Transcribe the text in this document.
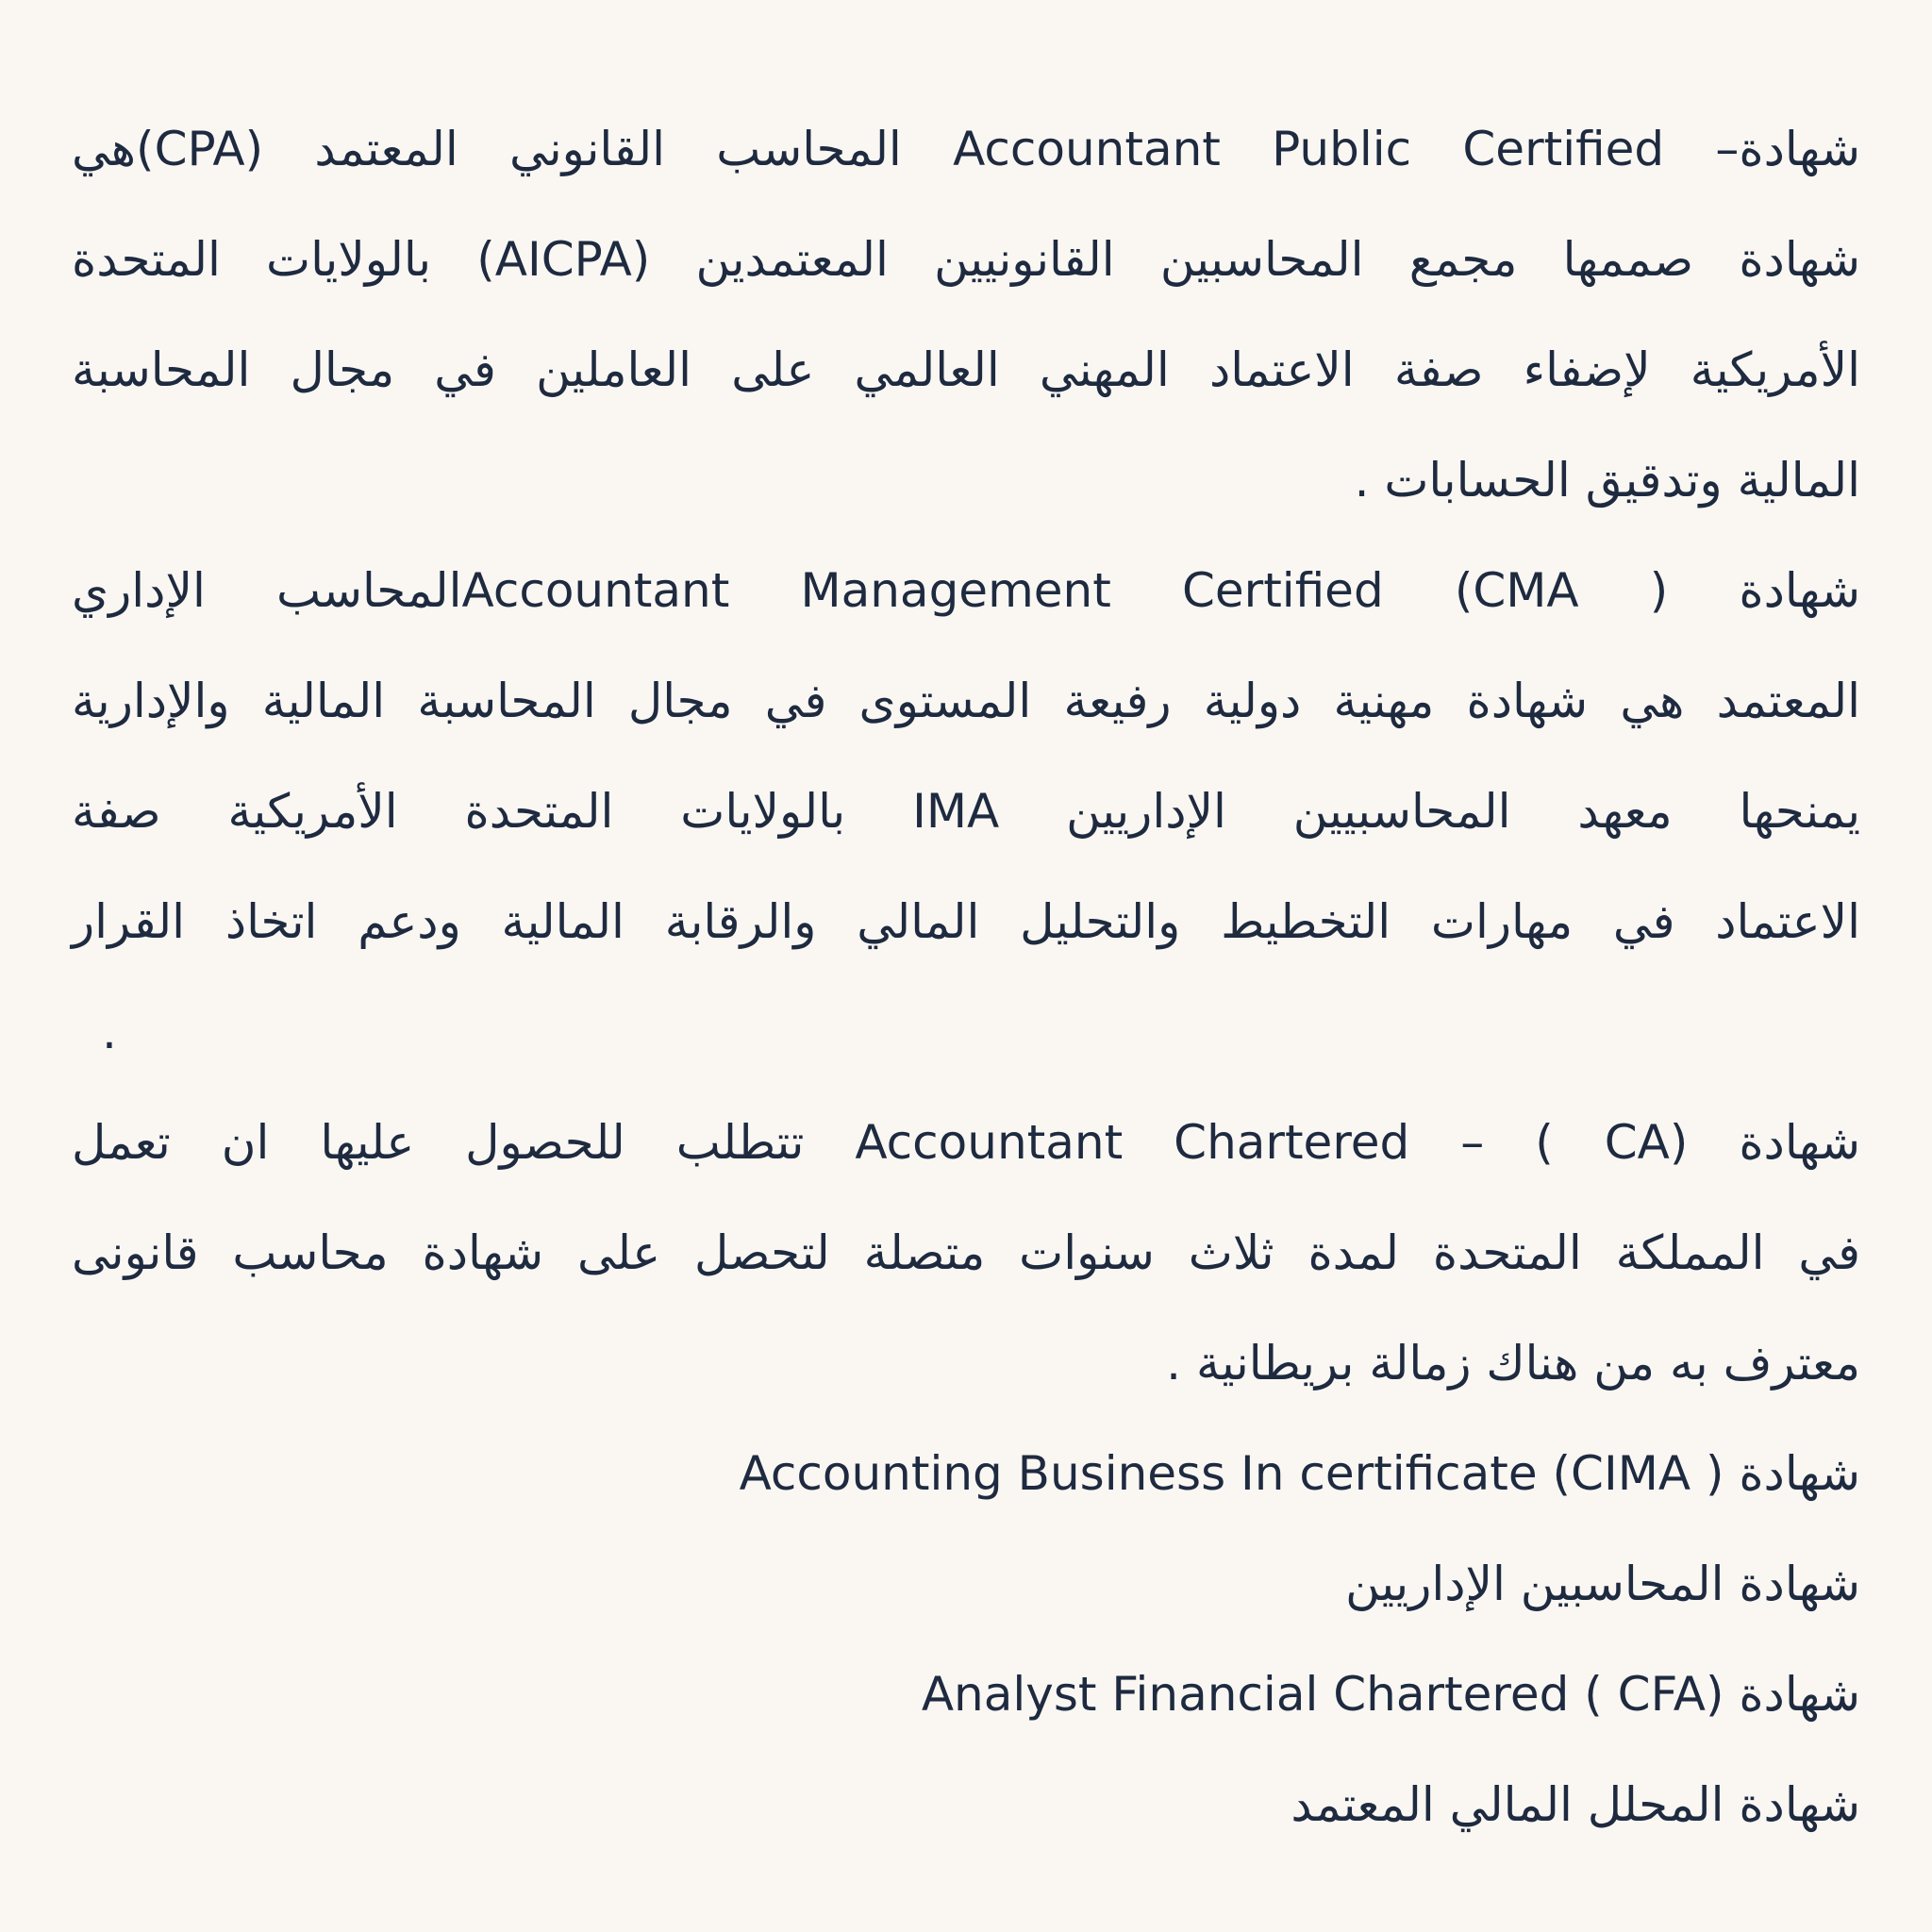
شهادة– Accountant Public Certified المحاسب القانوني المعتمد (CPA)هي
شهادة صممها مجمع المحاسبين القانونيين المعتمدين (AICPA) بالولايات المتحدة
الأمريكية لإضفاء صفة الاعتماد المهني العالمي على العاملين في مجال المحاسبة
المالية وتدقيق الحسابات .
شهادة Accountant Management Certified (CMA )المحاسب الإداري
المعتمد هي شهادة مهنية دولية رفيعة المستوى في مجال المحاسبة المالية والإدارية
يمنحها معهد المحاسبيين الإداريين IMA بالولايات المتحدة الأمريكية صفة
الاعتماد في مهارات التخطيط والتحليل المالي والرقابة المالية ودعم اتخاذ القرار
.
شهادة Accountant Chartered – ( CA) تتطلب للحصول عليها ان تعمل
في المملكة المتحدة لمدة ثلاث سنوات متصلة لتحصل على شهادة محاسب قانونى
معترف به من هناك زمالة بريطانية .
شهادة ( Accounting Business In certificate (CIMA
شهادة المحاسبين الإداريين
شهادة Analyst Financial Chartered ( CFA)
شهادة المحلل المالي المعتمد
